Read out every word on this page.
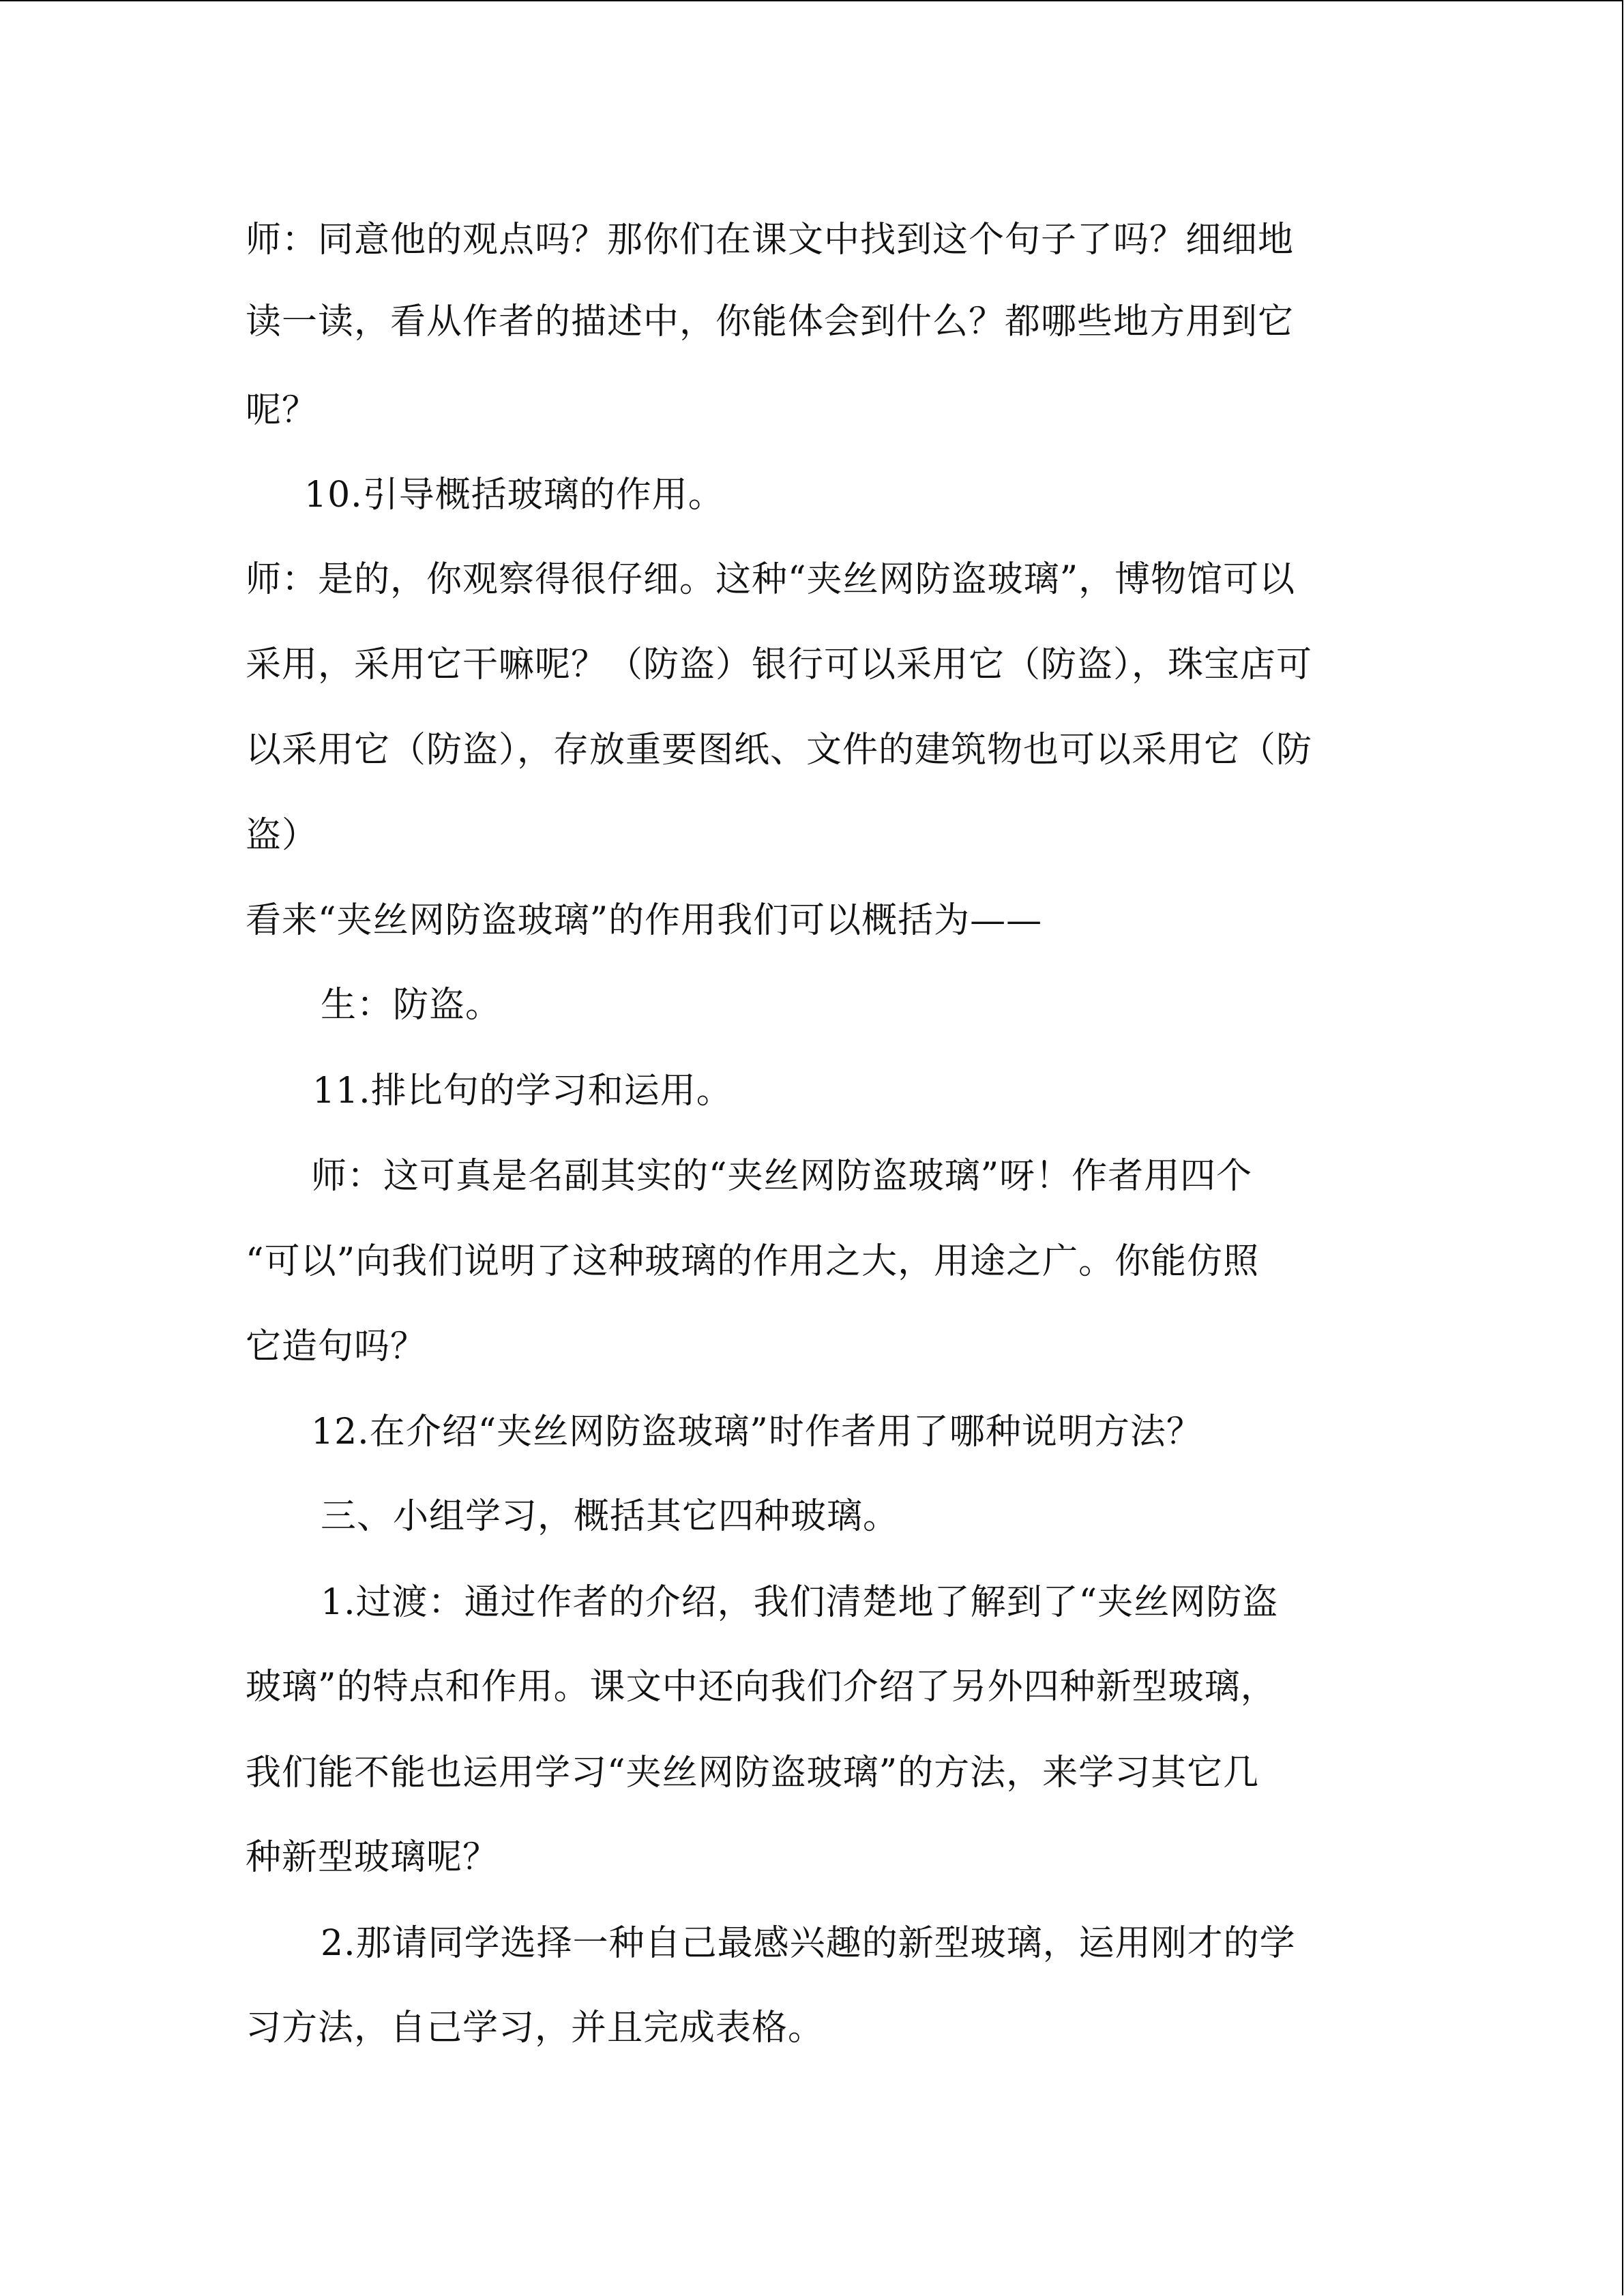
师：同意他的观点吗？那你们在课文中找到这个句子了吗？细细地
读一读，看从作者的描述中，你能体会到什么？都哪些地方用到它
呢？
10.引导概括玻璃的作用。
师：是的，你观察得很仔细。这种“夹丝网防盗玻璃”，博物馆可以
采用，采用它干嘛呢？（防盗）银行可以采用它（防盗），珠宝店可
以采用它（防盗），存放重要图纸、文件的建筑物也可以采用它（防
盗）
看来“夹丝网防盗玻璃”的作用我们可以概括为——
生：防盗。
11.排比句的学习和运用。
师：这可真是名副其实的“夹丝网防盗玻璃”呀！作者用四个
“可以”向我们说明了这种玻璃的作用之大，用途之广。你能仿照
它造句吗？
12.在介绍“夹丝网防盗玻璃”时作者用了哪种说明方法？
三、小组学习，概括其它四种玻璃。
1.过渡：通过作者的介绍，我们清楚地了解到了“夹丝网防盗
玻璃”的特点和作用。课文中还向我们介绍了另外四种新型玻璃，
我们能不能也运用学习“夹丝网防盗玻璃”的方法，来学习其它几
种新型玻璃呢？
2.那请同学选择一种自己最感兴趣的新型玻璃，运用刚才的学
习方法，自己学习，并且完成表格。
